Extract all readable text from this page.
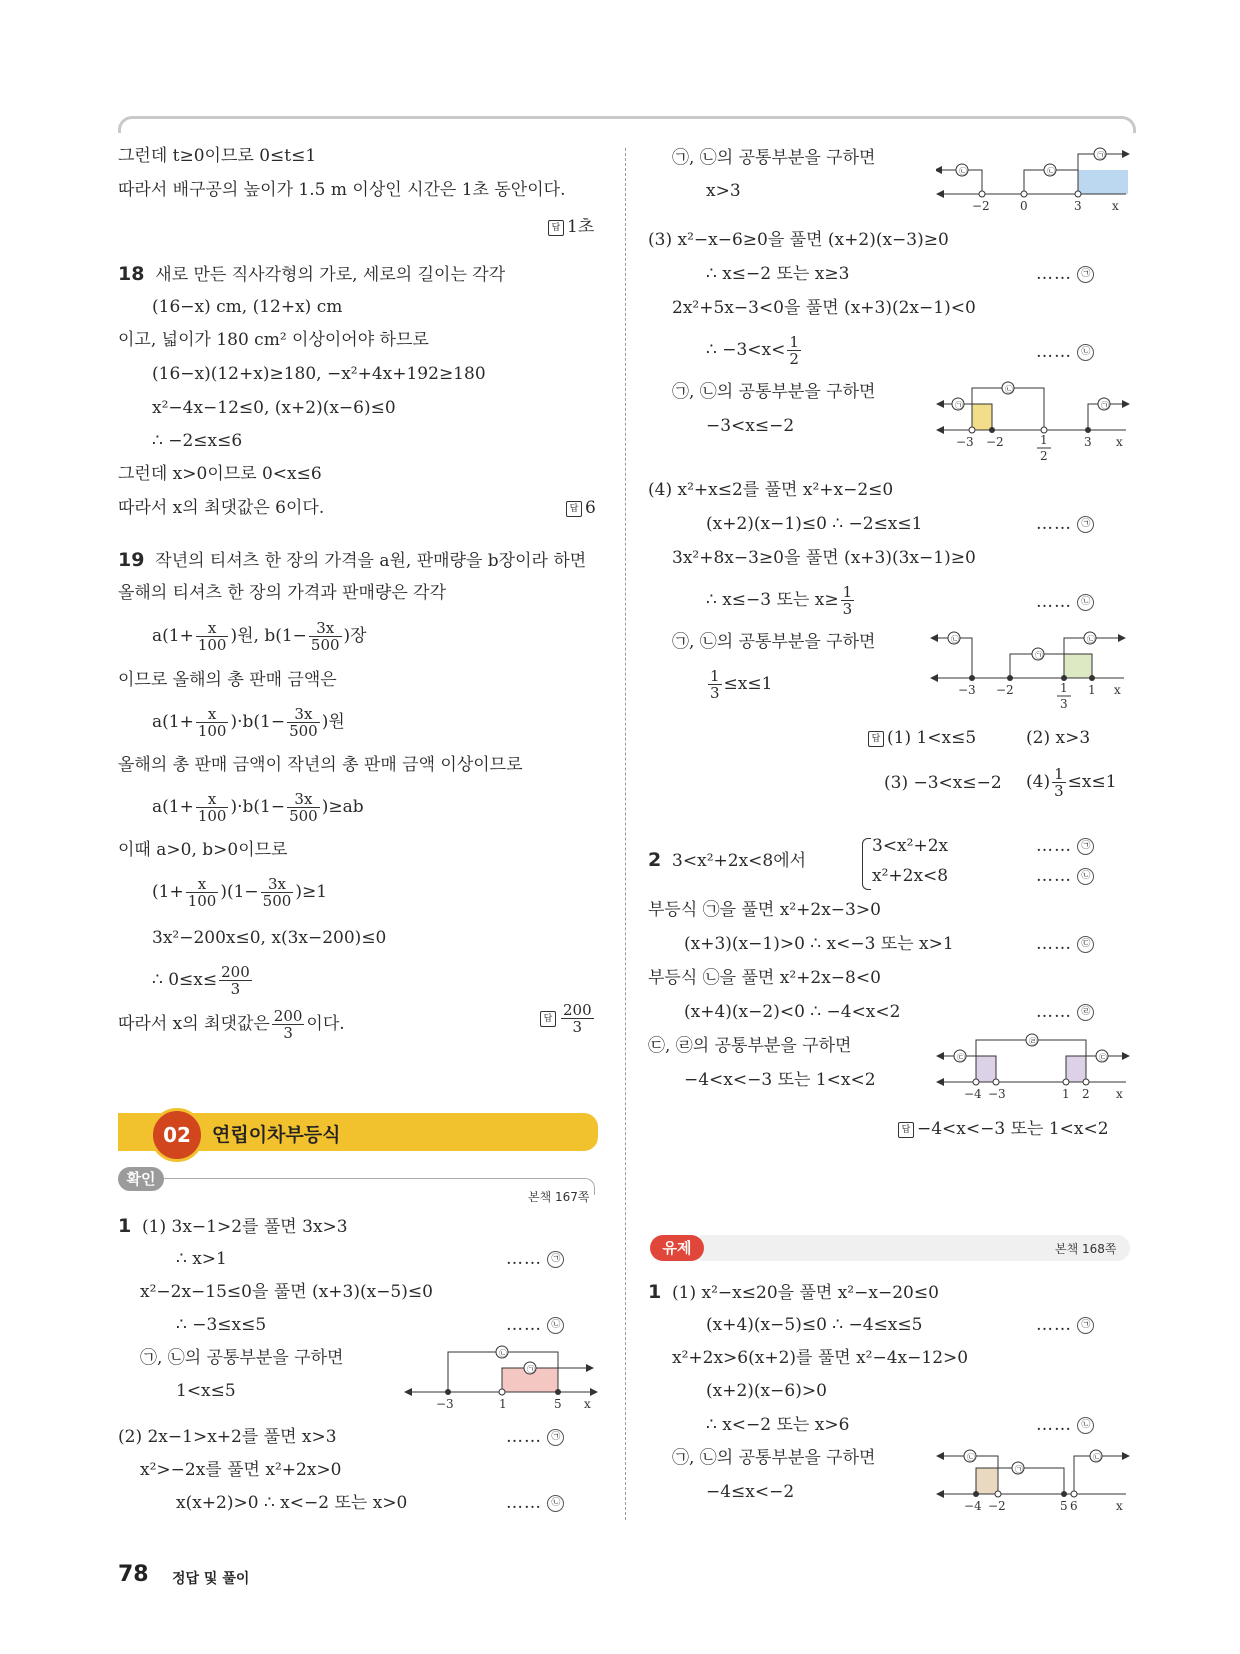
그런데 t≥0이므로 0≤t≤1
따라서 배구공의 높이가 1.5 m 이상인 시간은 1초 동안이다.
답 1초
18 새로 만든 직사각형의 가로, 세로의 길이는 각각
(16−x) cm, (12+x) cm
이고, 넓이가 180 cm² 이상이어야 하므로
(16−x)(12+x)≥180, −x²+4x+192≥180
x²−4x−12≤0, (x+2)(x−6)≤0
∴ −2≤x≤6
그런데 x>0이므로 0<x≤6
따라서 x의 최댓값은 6이다.	답 6
19 작년의 티셔츠 한 장의 가격을 a원, 판매량을 b장이라 하면
올해의 티셔츠 한 장의 가격과 판매량은 각각
$a(1+ \frac{x}{100}$ )원, $b(1- \frac{3x}{500}$ )장
이므로 올해의 총 판매 금액은
$a(1+ \frac{x}{100} )\cdot b(1- \frac{3x}{500}$ )원
올해의 총 판매 금액이 작년의 총 판매 금액 이상이므로
$a(1+ \frac{x}{100} )\cdot b(1- \frac{3x}{500} )\ge ab$
이때 a>0, b>0이므로
$(1+ \frac{x}{100} )(1- \frac{3x}{500} )\ge 1$
3x²−200x≤0, x(3x−200)≤0
∴ $0\le x\le \frac{200}{3}$
따라서 x의 최댓값은 $\frac{200}{3}$ 이다.	답 $\frac{200}{3}$
02	연립이차부등식
확인
본책 167쪽
1 (1) 3x−1>2를 풀면 3x>3
∴ x>1	…… ㉠
x²−2x−15≤0을 풀면 (x+3)(x−5)≤0
∴ −3≤x≤5	…… ㉡
㉠, ㉡의 공통부분을 구하면
1<x≤5
(2) 2x−1>x+2를 풀면 x>3	…… ㉠
x²>−2x를 풀면 x²+2x>0
x(x+2)>0 ∴ x<−2 또는 x>0	…… ㉡
㉡
㉠
−3	1	5 x
㉠, ㉡의 공통부분을 구하면
x>3
㉡	㉡
㉠
−2	0	3	x
(3) x²−x−6≥0을 풀면 (x+2)(x−3)≥0
∴ x≤−2 또는 x≥3	…… ㉠
2x²+5x−3<0을 풀면 (x+3)(2x−1)<0
∴ $-3<x< \frac{1}{2}$	…… ㉡
㉠, ㉡의 공통부분을 구하면
−3<x≤−2
㉠
㉡
㉠
−3 −2	1
2
3 x
(4) x²+x≤2를 풀면 x²+x−2≤0
(x+2)(x−1)≤0 ∴ −2≤x≤1	…… ㉠
3x²+8x−3≥0을 풀면 (x+3)(3x−1)≥0
∴ x≤−3 또는 $x\ge \frac{1}{3}$	…… ㉡
㉠, ㉡의 공통부분을 구하면
$\frac{1}{3} \le x\le 1$
㉡
㉠
㉡
−3 −2	1
3
1 x
답 (1) 1<x≤5	(2) x>3
(3) −3<x≤−2 $(4) \frac{1}{3} \le x\le 1$
2 3<x²+2x<8에서
3<x²+2x
x²+2x<8
…… ㉠
…… ㉡
부등식 ㉠을 풀면 x²+2x−3>0
(x+3)(x−1)>0 ∴ x<−3 또는 x>1	…… ㉢
부등식 ㉡을 풀면 x²+2x−8<0
(x+4)(x−2)<0 ∴ −4<x<2	…… ㉣
㉢, ㉣의 공통부분을 구하면
−4<x<−3 또는 1<x<2
㉢
㉣
㉢
−4 −3	1 2 x
답 −4<x<−3 또는 1<x<2
유제	본책 168쪽
1 (1) x²−x≤20을 풀면 x²−x−20≤0
(x+4)(x−5)≤0 ∴ −4≤x≤5	…… ㉠
x²+2x>6(x+2)를 풀면 x²−4x−12>0
(x+2)(x−6)>0
∴ x<−2 또는 x>6	…… ㉡
㉠, ㉡의 공통부분을 구하면
−4≤x<−2
㉡
㉠
㉡
−4 −2	5 6	x
78 정답 및 풀이
